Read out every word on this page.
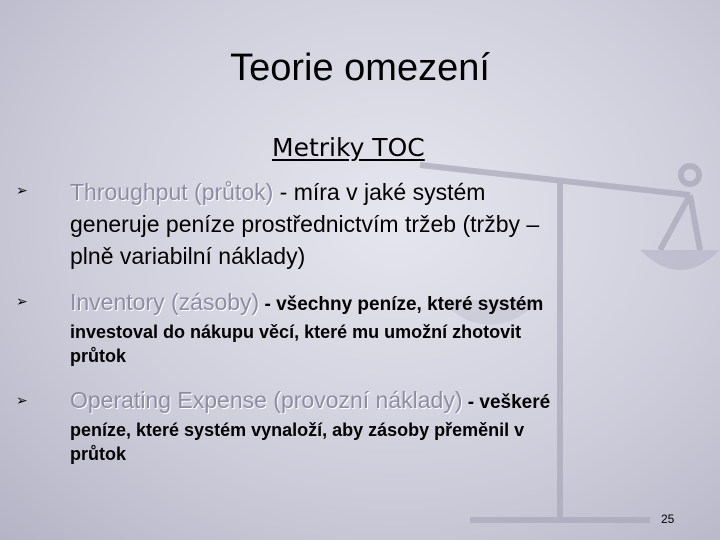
Teorie omezení
Metriky TOC
➢ Throughput (průtok) - míra v jaké systém
generuje peníze prostřednictvím tržeb (tržby –
plně variabilní náklady)
➢ Inventory (zásoby) - všechny peníze, které systém
investoval do nákupu věcí, které mu umožní zhotovit
průtok
➢ Operating Expense (provozní náklady) - veškeré
peníze, které systém vynaloží, aby zásoby přeměnil v
průtok
25
